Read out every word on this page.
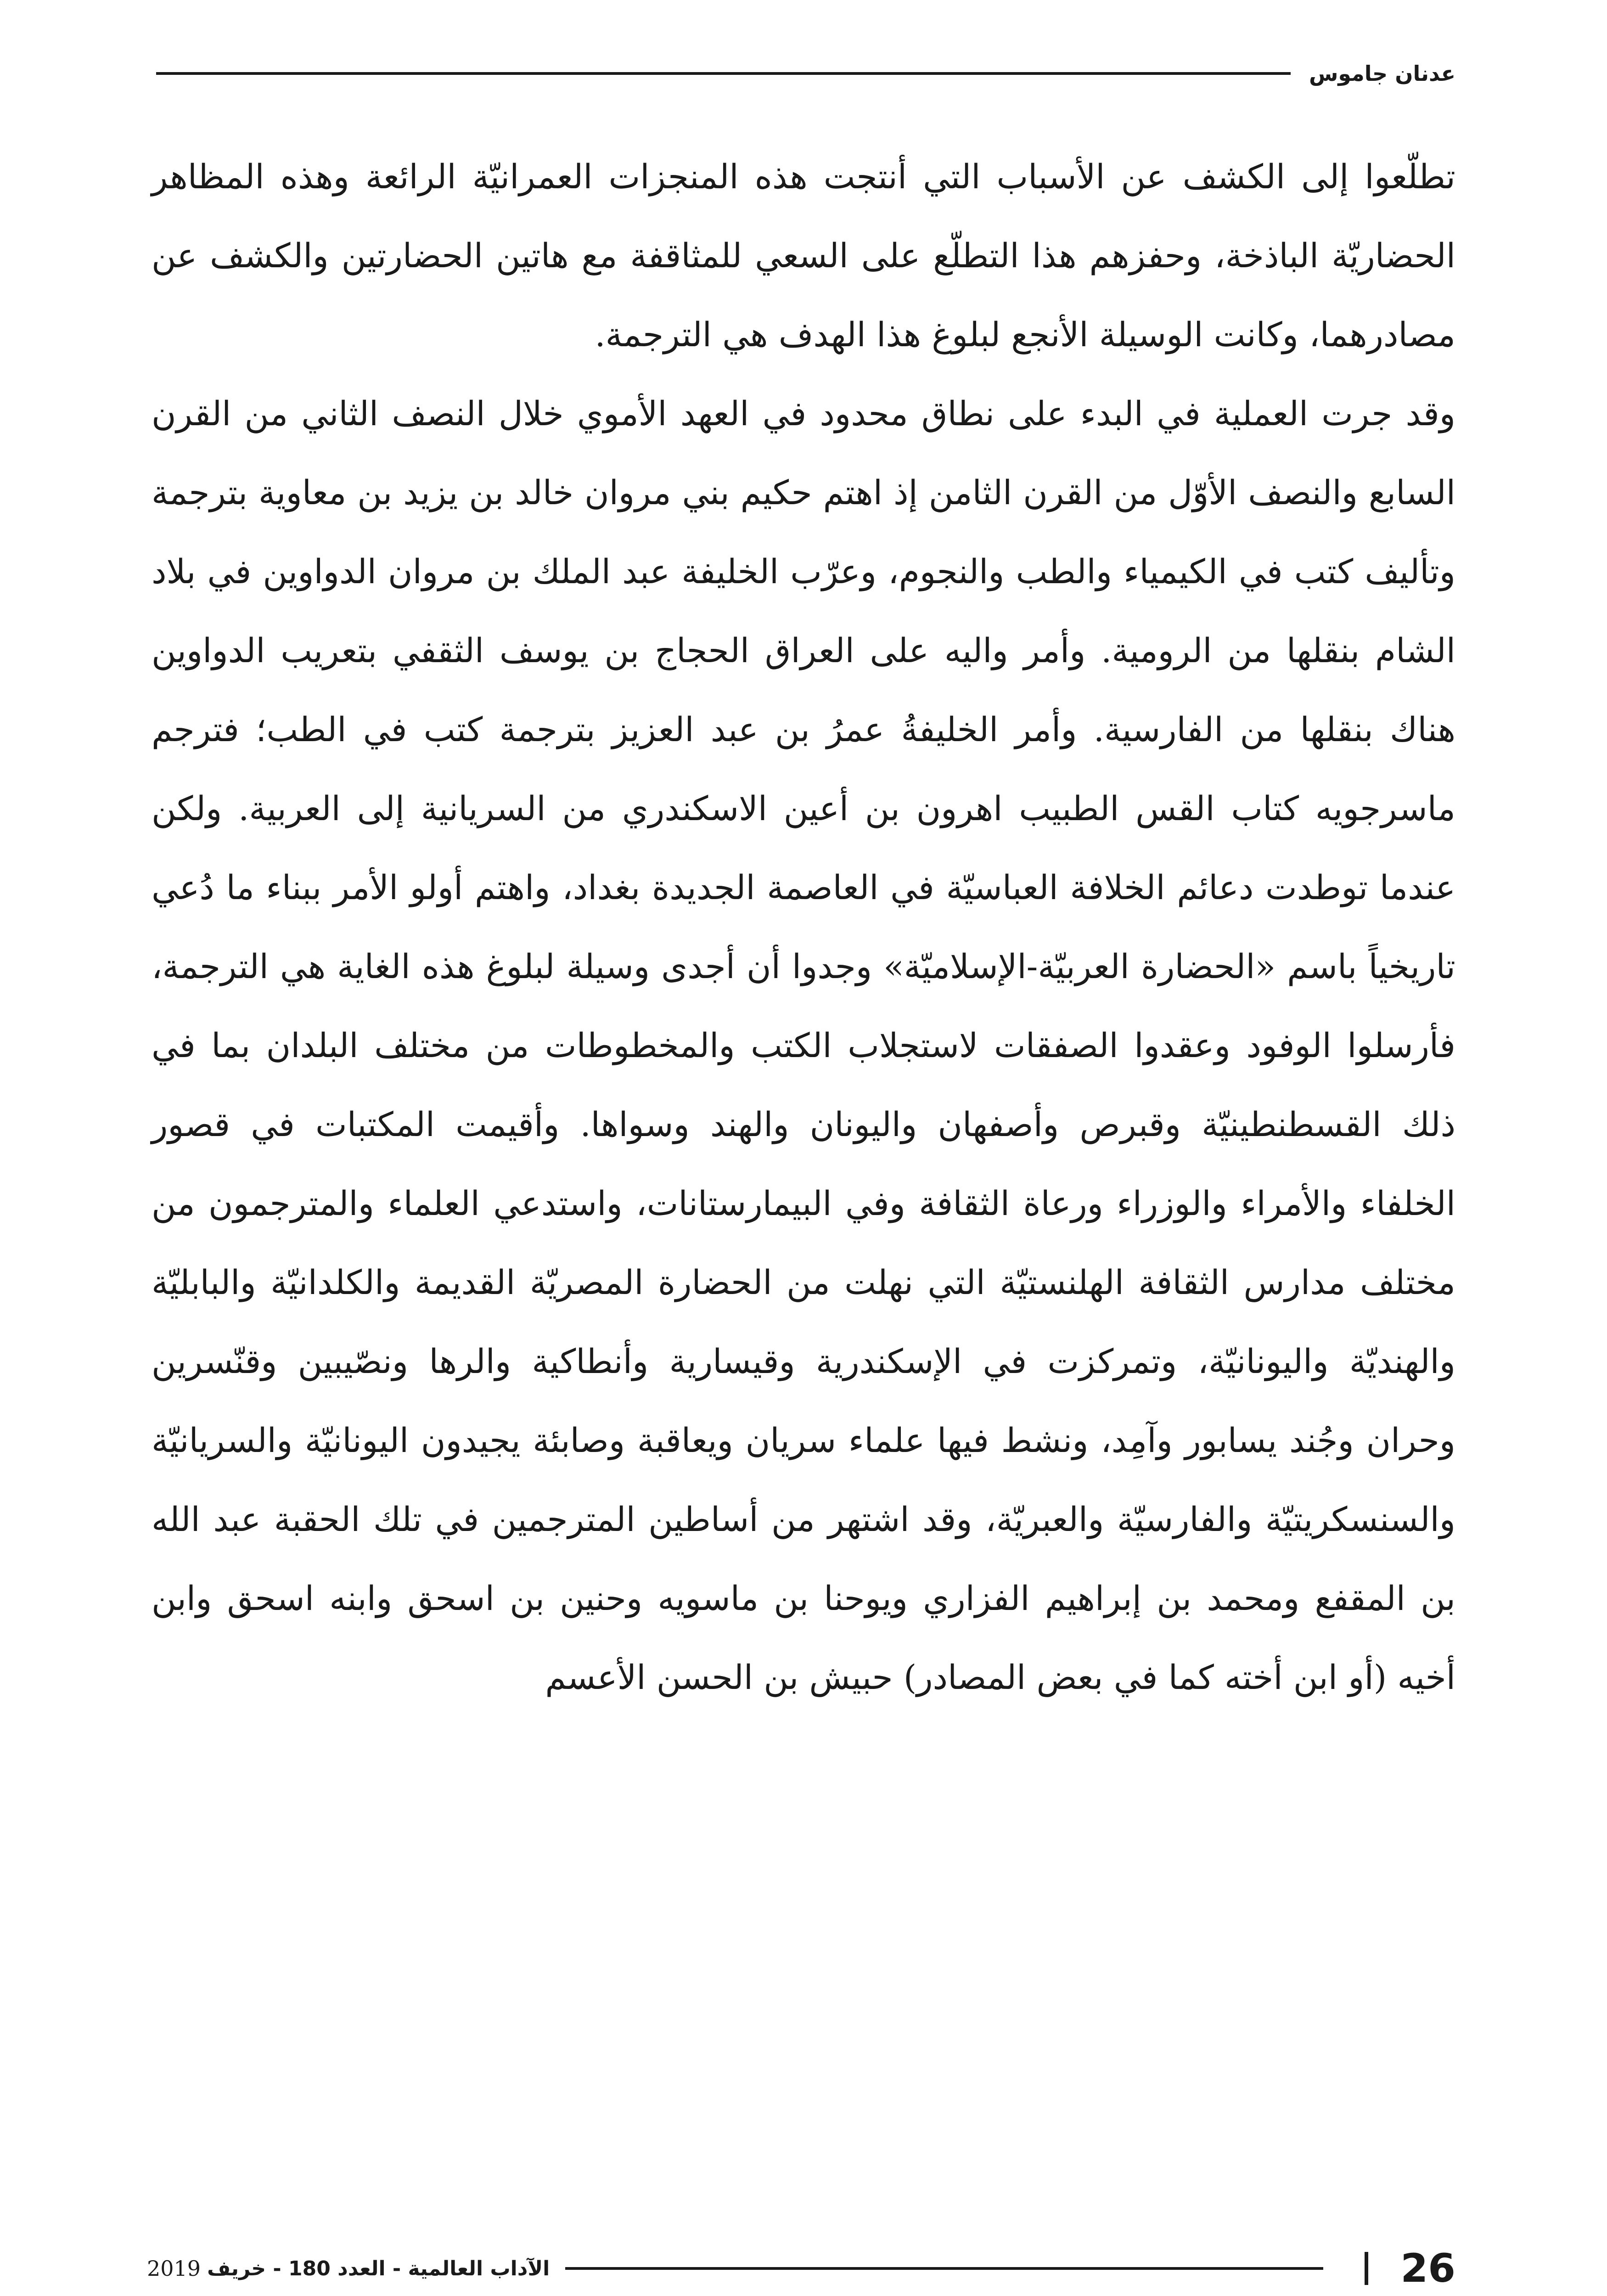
عدنان جاموس

تطلّعوا إلى الكشف عن الأسباب التي أنتجت هذه المنجزات العمرانيّة الرائعة وهذه المظاهر الحضاريّة الباذخة، وحفزهم هذا التطلّع على السعي للمثاقفة مع هاتين الحضارتين والكشف عن مصادرهما، وكانت الوسيلة الأنجع لبلوغ هذا الهدف هي الترجمة.

وقد جرت العملية في البدء على نطاق محدود في العهد الأموي خلال النصف الثاني من القرن السابع والنصف الأوّل من القرن الثامن إذ اهتم حكيم بني مروان خالد بن يزيد بن معاوية بترجمة وتأليف كتب في الكيمياء والطب والنجوم، وعرّب الخليفة عبد الملك بن مروان الدواوين في بلاد الشام بنقلها من الرومية. وأمر واليه على العراق الحجاج بن يوسف الثقفي بتعريب الدواوين هناك بنقلها من الفارسية. وأمر الخليفةُ عمرُ بن عبد العزيز بترجمة كتب في الطب؛ فترجم ماسرجويه كتاب القس الطبيب اهرون بن أعين الاسكندري من السريانية إلى العربية. ولكن عندما توطدت دعائم الخلافة العباسيّة في العاصمة الجديدة بغداد، واهتم أولو الأمر ببناء ما دُعي تاريخياً باسم «الحضارة العربيّة-الإسلاميّة» وجدوا أن أجدى وسيلة لبلوغ هذه الغاية هي الترجمة، فأرسلوا الوفود وعقدوا الصفقات لاستجلاب الكتب والمخطوطات من مختلف البلدان بما في ذلك القسطنطينيّة وقبرص وأصفهان واليونان والهند وسواها. وأقيمت المكتبات في قصور الخلفاء والأمراء والوزراء ورعاة الثقافة وفي البيمارستانات، واستدعي العلماء والمترجمون من مختلف مدارس الثقافة الهلنستيّة التي نهلت من الحضارة المصريّة القديمة والكلدانيّة والبابليّة والهنديّة واليونانيّة، وتمركزت في الإسكندرية وقيسارية وأنطاكية والرها ونصّيبين وقنّسرين وحران وجُند يسابور وآمِد، ونشط فيها علماء سريان ويعاقبة وصابئة يجيدون اليونانيّة والسريانيّة والسنسكريتيّة والفارسيّة والعبريّة، وقد اشتهر من أساطين المترجمين في تلك الحقبة عبد الله بن المقفع ومحمد بن إبراهيم الفزاري ويوحنا بن ماسويه وحنين بن اسحق وابنه اسحق وابن أخيه (أو ابن أخته كما في بعض المصادر) حبيش بن الحسن الأعسم

26
الآداب العالمية - العدد 180 - خريف
2019
